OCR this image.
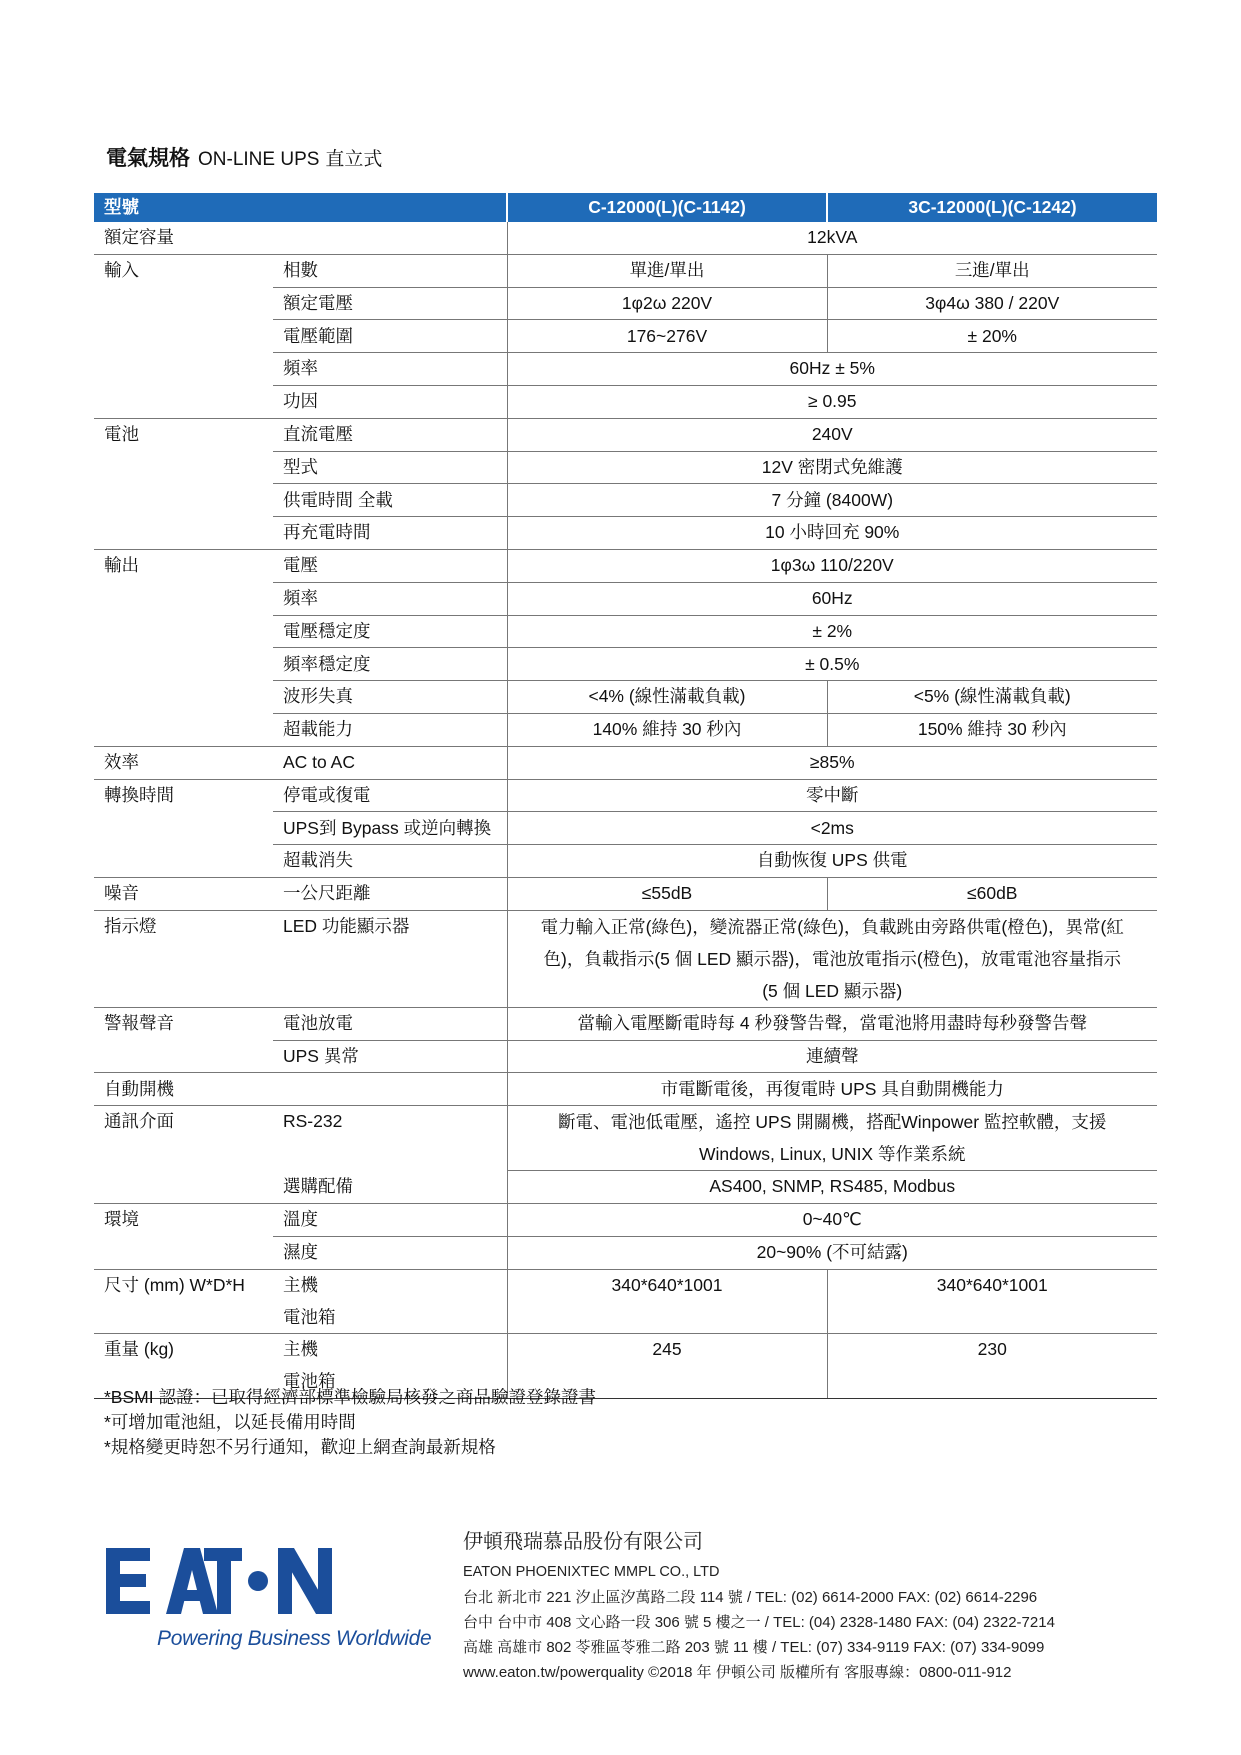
電氣規格 ON-LINE UPS 直立式
型號		C-12000(L)(C-1142)	3C-12000(L)(C-1242)
額定容量		12kVA	
輸入	相數	單進/單出	三進/單出
	額定電壓	1φ2ω 220V	3φ4ω 380 / 220V
	電壓範圍	176~276V	± 20%
	頻率	60Hz ± 5%	
	功因	≥ 0.95	
電池	直流電壓	240V	
	型式	12V 密閉式免維護	
	供電時間 全載	7 分鐘 (8400W)	
	再充電時間	10 小時回充 90%	
輸出	電壓	1φ3ω 110/220V	
	頻率	60Hz	
	電壓穩定度	± 2%	
	頻率穩定度	± 0.5%	
	波形失真	<4% (線性滿載負載)	<5% (線性滿載負載)
	超載能力	140% 維持 30 秒內	150% 維持 30 秒內
效率	AC to AC	≥85%	
轉換時間	停電或復電	零中斷	
	UPS到 Bypass 或逆向轉換	<2ms	
	超載消失	自動恢復 UPS 供電	
噪音	一公尺距離	≤55dB	≤60dB
指示燈	LED 功能顯示器	電力輸入正常(綠色)，變流器正常(綠色)，負載跳由旁路供電(橙色)，異常(紅
色)，負載指示(5 個 LED 顯示器)，電池放電指示(橙色)，放電電池容量指示
(5 個 LED 顯示器)	

警報聲音	電池放電	當輸入電壓斷電時每 4 秒發警告聲，當電池將用盡時每秒發警告聲	
	UPS 異常	連續聲	
自動開機		市電斷電後，再復電時 UPS 具自動開機能力	
通訊介面	RS-232	斷電、電池低電壓，遙控 UPS 開關機，搭配Winpower 監控軟體，支援
Windows, Linux, UNIX 等作業系統	

	選購配備	AS400, SNMP, RS485, Modbus	
環境	溫度	0~40℃	
	濕度	20~90% (不可結露)	
尺寸 (mm) W*D*H	主機	340*640*1001	340*640*1001
	電池箱		
重量 (kg)	主機	245	230
	電池箱		
*BSMI 認證：已取得經濟部標準檢驗局核發之商品驗證登錄證書
*可增加電池組，以延長備用時間
*規格變更時恕不另行通知，歡迎上網查詢最新規格
Powering Business Worldwide
伊頓飛瑞慕品股份有限公司
EATON PHOENIXTEC MMPL CO., LTD
台北 新北市 221 汐止區汐萬路二段 114 號 / TEL: (02) 6614-2000 FAX: (02) 6614-2296
台中 台中市 408 文心路一段 306 號 5 樓之一 / TEL: (04) 2328-1480 FAX: (04) 2322-7214
高雄 高雄市 802 苓雅區苓雅二路 203 號 11 樓 / TEL: (07) 334-9119 FAX: (07) 334-9099
www.eaton.tw/powerquality ©2018 年 伊頓公司 版權所有 客服專線：0800-011-912
